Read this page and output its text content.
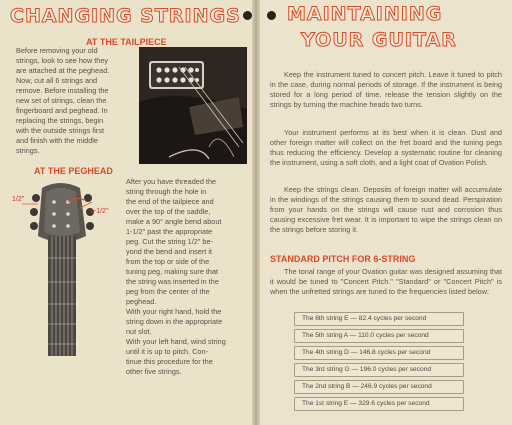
CHANGING STRINGS
AT THE TAILPIECE
Before removing your old
strings, look to see how they
are attached at the peghead.
Now, cut all 6 strings and
remove. Before installing the
new set of strings, clean the
fingerboard and peghead. In
replacing the strings, begin
with the outside strings first
and finish with the middle
strings.
AT THE PEGHEAD
1/2"
1-1/2"
After you have threaded the
string through the hole in
the end of the tailpiece and
over the top of the saddle,
make a 90° angle bend about
1-1/2" past the appropriate
peg. Cut the string 1/2" be-
yond the bend and insert it
from the top or side of the
tuning peg, making sure that
the string was inserted in the
peg from the center of the
peghead.
With your right hand, hold the
string down in the appropriate
nut slot.
With your left hand, wind string
until it is up to pitch. Con-
tinue this procedure for the
other five strings.
MAINTAINING
YOUR GUITAR
Keep the instrument tuned to concert pitch. Leave it tuned to pitch in the case, during normal periods of storage. If the instrument is being stored for a long period of time, release the tension slightly on the strings by turning the machine heads two turns.
Your instrument performs at its best when it is clean. Dust and other foreign matter will collect on the fret board and the tuning pegs thus reducing the efficiency. Develop a systematic routine for cleaning the instrument, using a soft cloth, and a light coat of Ovation Polish.
Keep the strings clean. Deposits of foreign matter will accumulate in the windings of the strings causing them to sound dead. Perspiration from your hands on the strings will cause rust and corrosion thus causing excessive fret wear. It is important to wipe the strings clean on the strings before storing it.
STANDARD PITCH FOR 6-STRING
The tonal range of your Ovation guitar was designed assuming that it would be tuned to "Concert Pitch." "Standard" or "Concert Pitch" is when the unfretted strings are tuned to the frequencies listed below:
The 6th string E — 82.4 cycles per second
The 5th string A — 110.0 cycles per second
The 4th string D — 146.8 cycles per second
The 3rd string G — 196.0 cycles per second
The 2nd string B — 246.9 cycles per second
The 1st string E — 329.6 cycles per second
